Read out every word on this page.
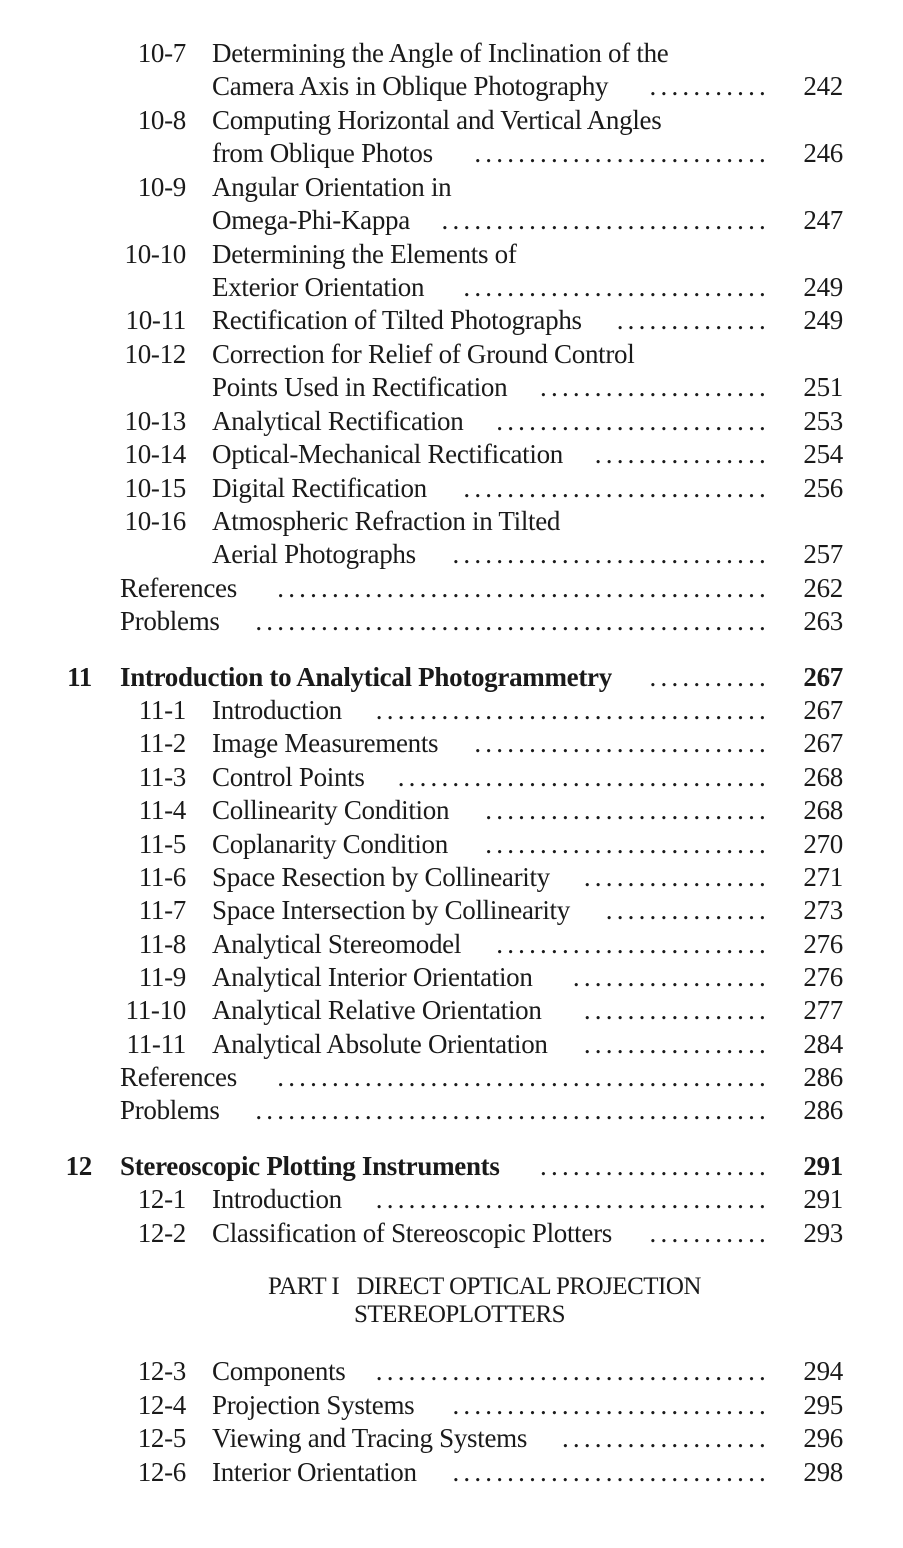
10-7 Determining the Angle of Inclination of the
Camera Axis in Oblique Photography	...........	242
10-8 Computing Horizontal and Vertical Angles
from Oblique Photos	...........................	246
10-9 Angular Orientation in
Omega-Phi-Kappa	..............................	247
10-10 Determining the Elements of
Exterior Orientation	............................	249
10-11 Rectification of Tilted Photographs ..............	249
10-12 Correction for Relief of Ground Control
Points Used in Rectification .....................	251
10-13 Analytical Rectification .........................	253
10-14 Optical-Mechanical Rectification ................	254
10-15 Digital Rectification	............................	256
10-16 Atmospheric Refraction in Tilted
Aerial Photographs	.............................	257
References	.............................................	262
Problems	...............................................	263
11 Introduction to Analytical Photogrammetry ...........	267
11-1 Introduction	....................................	267
11-2 Image Measurements	...........................	267
11-3 Control Points	..................................	268
11-4 Collinearity Condition	..........................	268
11-5 Coplanarity Condition	..........................	270
11-6 Space Resection by Collinearity .................	271
11-7 Space Intersection by Collinearity ...............	273
11-8 Analytical Stereomodel	.........................	276
11-9 Analytical Interior Orientation	..................	276
11-10 Analytical Relative Orientation	.................	277
11-11 Analytical Absolute Orientation .................	284
References	.............................................	286
Problems	...............................................	286
12 Stereoscopic Plotting Instruments	.....................	291
12-1 Introduction	....................................	291
12-2 Classification of Stereoscopic Plotters ...........	293
12-3 Components	....................................	294
12-4 Projection Systems	.............................	295
12-5 Viewing and Tracing Systems	...................	296
12-6 Interior Orientation	.............................	298
PART I   DIRECT OPTICAL PROJECTION
STEREOPLOTTERS
